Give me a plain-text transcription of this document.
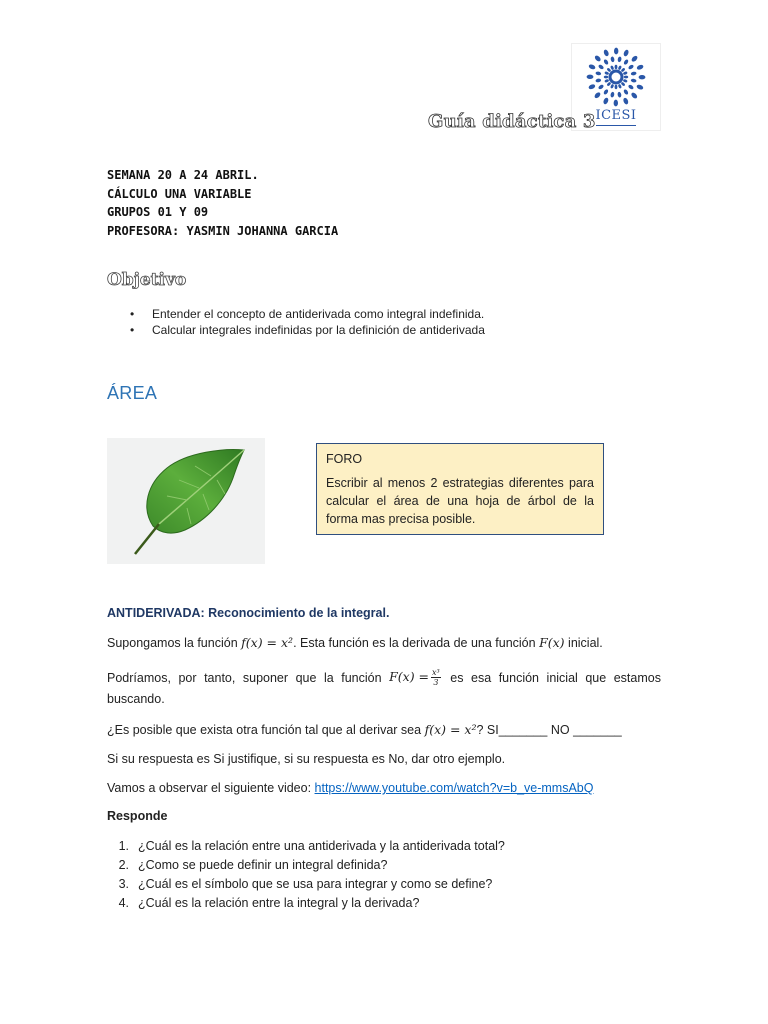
ICESI
Guía didáctica 3
SEMANA 20 A 24 ABRIL.
CÁLCULO UNA VARIABLE
GRUPOS 01 Y 09
PROFESORA: YASMIN JOHANNA GARCIA
Objetivo
• Entender el concepto de antiderivada como integral indefinida.
• Calcular integrales indefinidas por la definición de antiderivada
ÁREA
FORO
Escribir al menos 2 estrategias diferentes para calcular el área de una hoja de árbol de la forma mas precisa posible.
ANTIDERIVADA: Reconocimiento de la integral.
Supongamos la función f(x) = x². Esta función es la derivada de una función F(x) inicial.
Podríamos, por tanto, suponer que la función $F(x) = \frac{\text{x³}}{3}$ es esa función inicial que estamos
buscando.
¿Es posible que exista otra función tal que al derivar sea f(x) = x²? SI_______ NO _______
Si su respuesta es Si justifique, si su respuesta es No, dar otro ejemplo.
Vamos a observar el siguiente video: https://www.youtube.com/watch?v=b_ve-mmsAbQ
Responde
1. ¿Cuál es la relación entre una antiderivada y la antiderivada total?
2. ¿Como se puede definir un integral definida?
3. ¿Cuál es el símbolo que se usa para integrar y como se define?
4. ¿Cuál es la relación entre la integral y la derivada?
